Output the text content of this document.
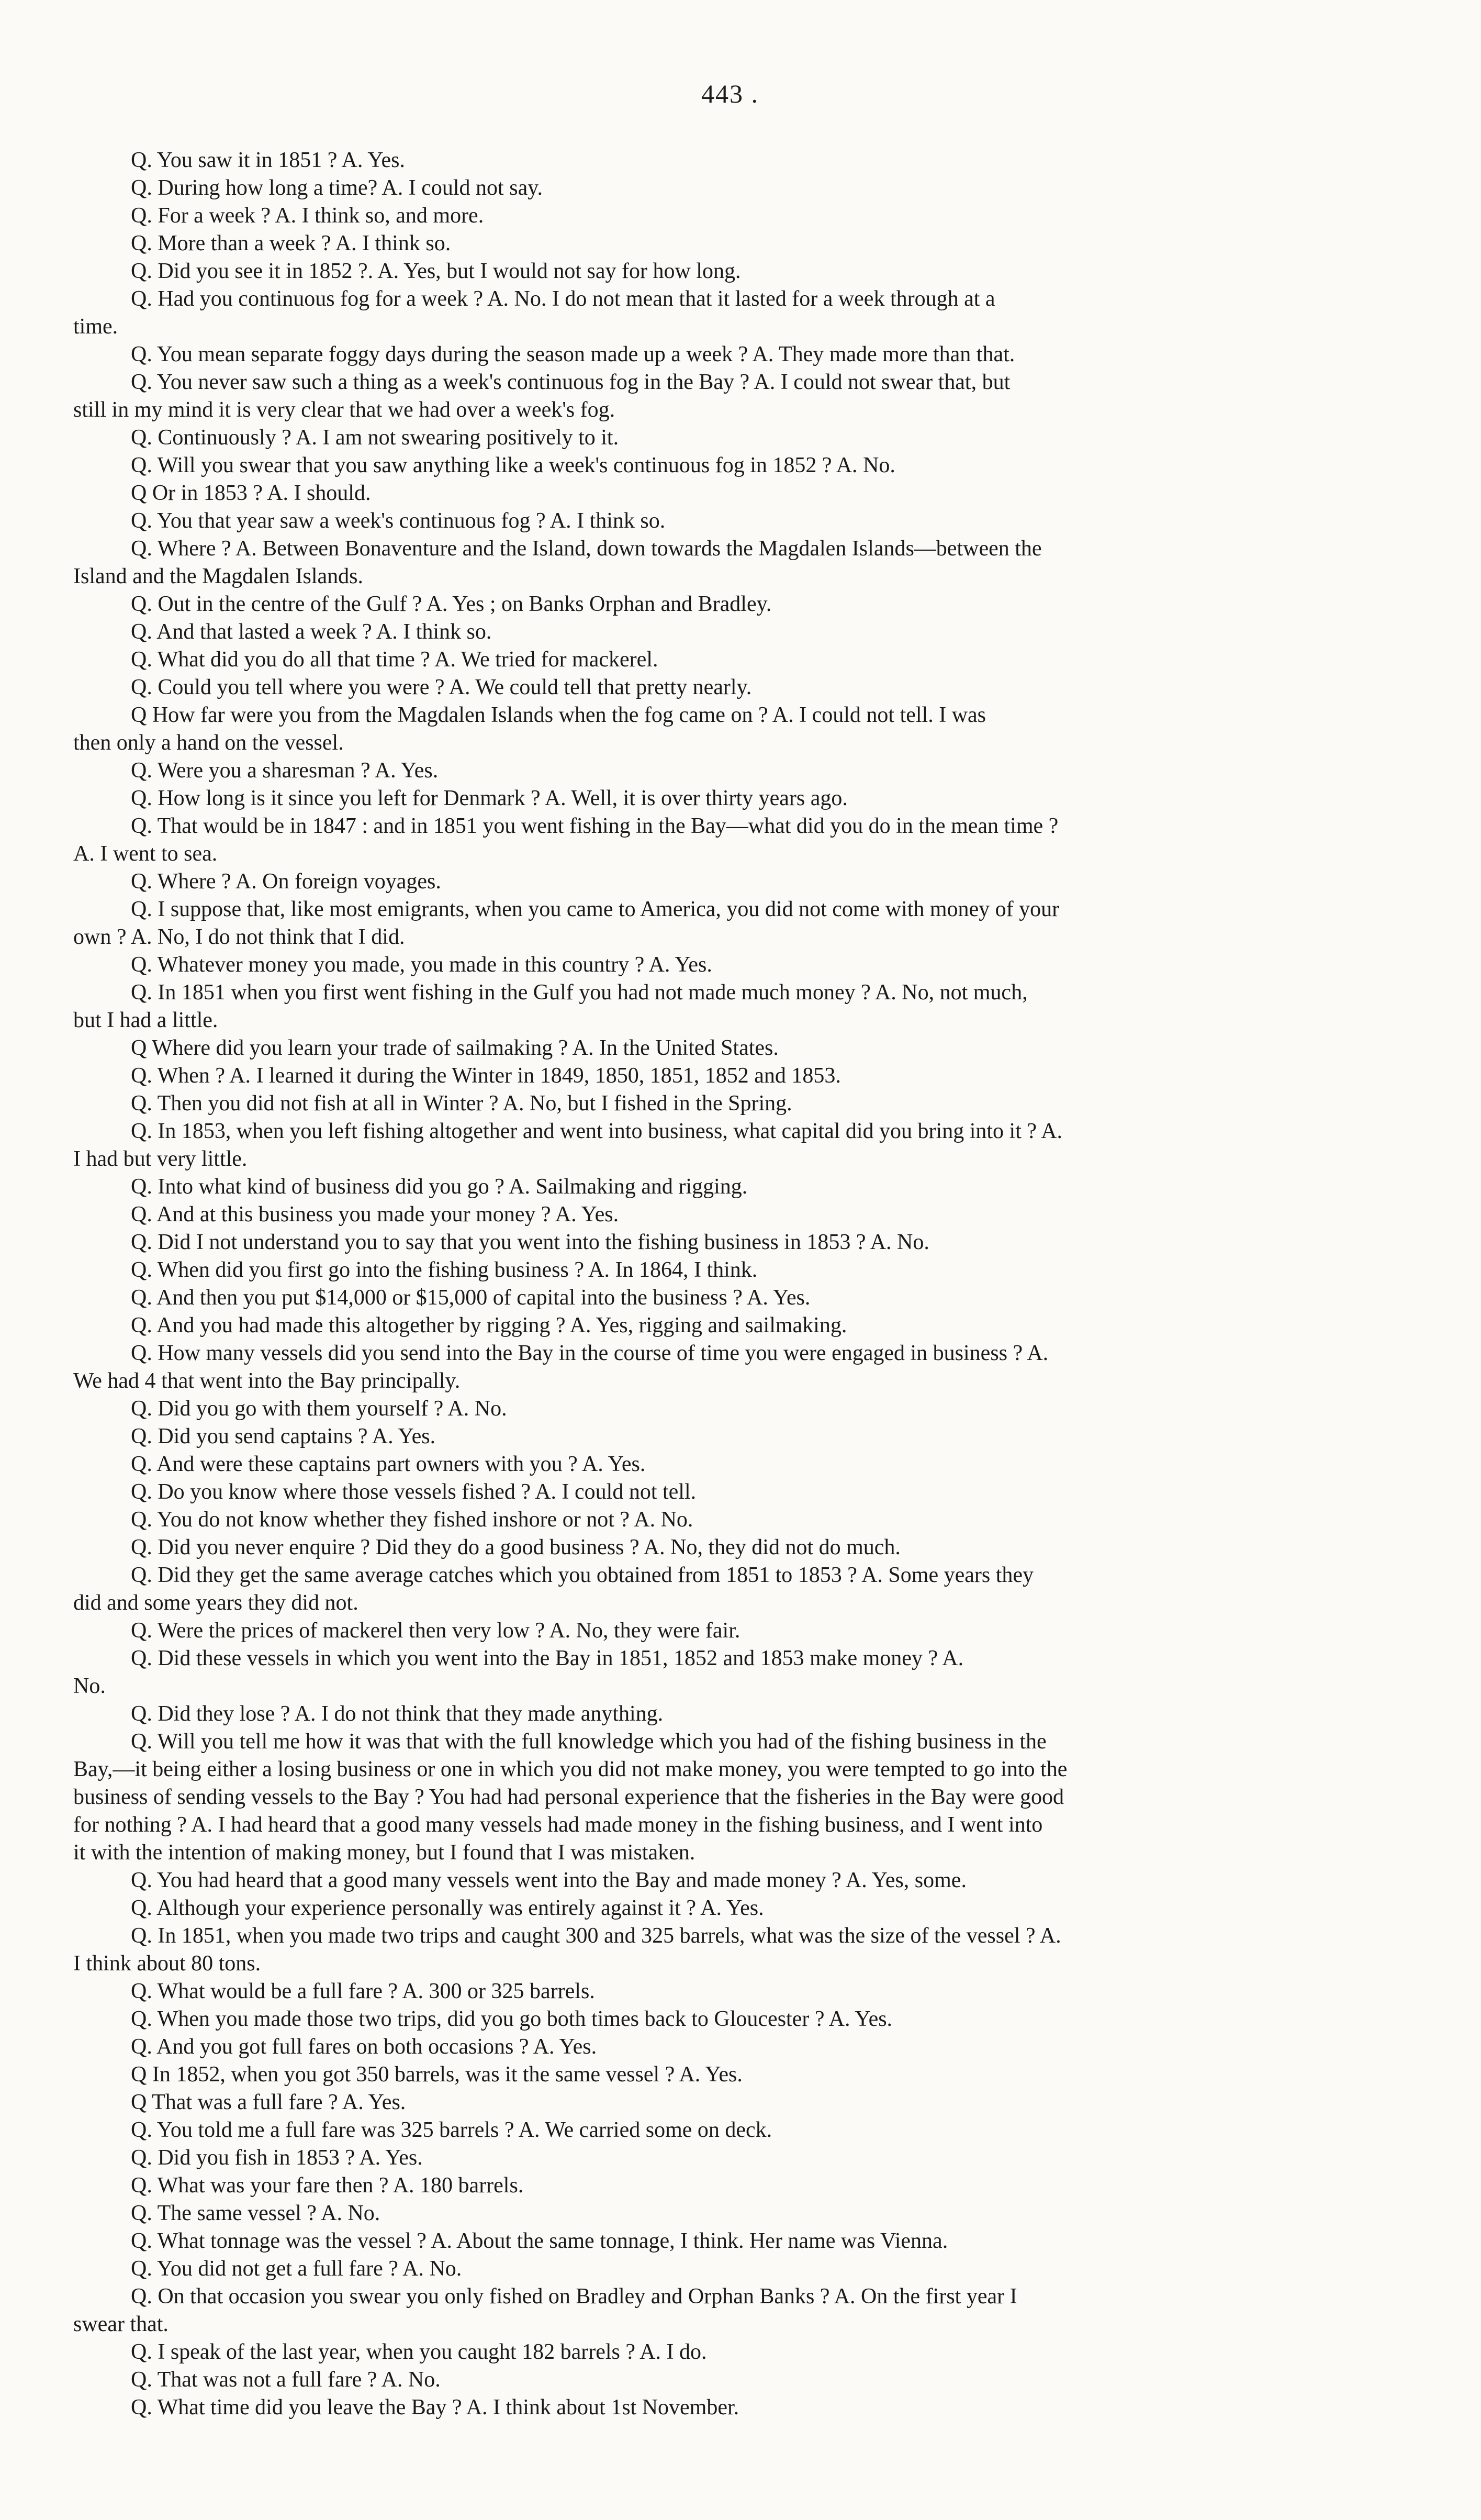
443 .
Q. You saw it in 1851 ? A. Yes.
Q. During how long a time? A. I could not say.
Q. For a week ? A. I think so, and more.
Q. More than a week ? A. I think so.
Q. Did you see it in 1852 ?. A. Yes, but I would not say for how long.
Q. Had you continuous fog for a week ? A. No. I do not mean that it lasted for a week through at a
time.
Q. You mean separate foggy days during the season made up a week ? A. They made more than that.
Q. You never saw such a thing as a week's continuous fog in the Bay ? A. I could not swear that, but
still in my mind it is very clear that we had over a week's fog.
Q. Continuously ? A. I am not swearing positively to it.
Q. Will you swear that you saw anything like a week's continuous fog in 1852 ? A. No.
Q Or in 1853 ? A. I should.
Q. You that year saw a week's continuous fog ? A. I think so.
Q. Where ? A. Between Bonaventure and the Island, down towards the Magdalen Islands—between the
Island and the Magdalen Islands.
Q. Out in the centre of the Gulf ? A. Yes ; on Banks Orphan and Bradley.
Q. And that lasted a week ? A. I think so.
Q. What did you do all that time ? A. We tried for mackerel.
Q. Could you tell where you were ? A. We could tell that pretty nearly.
Q How far were you from the Magdalen Islands when the fog came on ? A. I could not tell. I was
then only a hand on the vessel.
Q. Were you a sharesman ? A. Yes.
Q. How long is it since you left for Denmark ? A. Well, it is over thirty years ago.
Q. That would be in 1847 : and in 1851 you went fishing in the Bay—what did you do in the mean time ?
A. I went to sea.
Q. Where ? A. On foreign voyages.
Q. I suppose that, like most emigrants, when you came to America, you did not come with money of your
own ? A. No, I do not think that I did.
Q. Whatever money you made, you made in this country ? A. Yes.
Q. In 1851 when you first went fishing in the Gulf you had not made much money ? A. No, not much,
but I had a little.
Q Where did you learn your trade of sailmaking ? A. In the United States.
Q. When ? A. I learned it during the Winter in 1849, 1850, 1851, 1852 and 1853.
Q. Then you did not fish at all in Winter ? A. No, but I fished in the Spring.
Q. In 1853, when you left fishing altogether and went into business, what capital did you bring into it ? A.
I had but very little.
Q. Into what kind of business did you go ? A. Sailmaking and rigging.
Q. And at this business you made your money ? A. Yes.
Q. Did I not understand you to say that you went into the fishing business in 1853 ? A. No.
Q. When did you first go into the fishing business ? A. In 1864, I think.
Q. And then you put $14,000 or $15,000 of capital into the business ? A. Yes.
Q. And you had made this altogether by rigging ? A. Yes, rigging and sailmaking.
Q. How many vessels did you send into the Bay in the course of time you were engaged in business ? A.
We had 4 that went into the Bay principally.
Q. Did you go with them yourself ? A. No.
Q. Did you send captains ? A. Yes.
Q. And were these captains part owners with you ? A. Yes.
Q. Do you know where those vessels fished ? A. I could not tell.
Q. You do not know whether they fished inshore or not ? A. No.
Q. Did you never enquire ? Did they do a good business ? A. No, they did not do much.
Q. Did they get the same average catches which you obtained from 1851 to 1853 ? A. Some years they
did and some years they did not.
Q. Were the prices of mackerel then very low ? A. No, they were fair.
Q. Did these vessels in which you went into the Bay in 1851, 1852 and 1853 make money ? A.
No.
Q. Did they lose ? A. I do not think that they made anything.
Q. Will you tell me how it was that with the full knowledge which you had of the fishing business in the
Bay,—it being either a losing business or one in which you did not make money, you were tempted to go into the
business of sending vessels to the Bay ? You had had personal experience that the fisheries in the Bay were good
for nothing ? A. I had heard that a good many vessels had made money in the fishing business, and I went into
it with the intention of making money, but I found that I was mistaken.
Q. You had heard that a good many vessels went into the Bay and made money ? A. Yes, some.
Q. Although your experience personally was entirely against it ? A. Yes.
Q. In 1851, when you made two trips and caught 300 and 325 barrels, what was the size of the vessel ? A.
I think about 80 tons.
Q. What would be a full fare ? A. 300 or 325 barrels.
Q. When you made those two trips, did you go both times back to Gloucester ? A. Yes.
Q. And you got full fares on both occasions ? A. Yes.
Q In 1852, when you got 350 barrels, was it the same vessel ? A. Yes.
Q That was a full fare ? A. Yes.
Q. You told me a full fare was 325 barrels ? A. We carried some on deck.
Q. Did you fish in 1853 ? A. Yes.
Q. What was your fare then ? A. 180 barrels.
Q. The same vessel ? A. No.
Q. What tonnage was the vessel ? A. About the same tonnage, I think. Her name was Vienna.
Q. You did not get a full fare ? A. No.
Q. On that occasion you swear you only fished on Bradley and Orphan Banks ? A. On the first year I
swear that.
Q. I speak of the last year, when you caught 182 barrels ? A. I do.
Q. That was not a full fare ? A. No.
Q. What time did you leave the Bay ? A. I think about 1st November.
